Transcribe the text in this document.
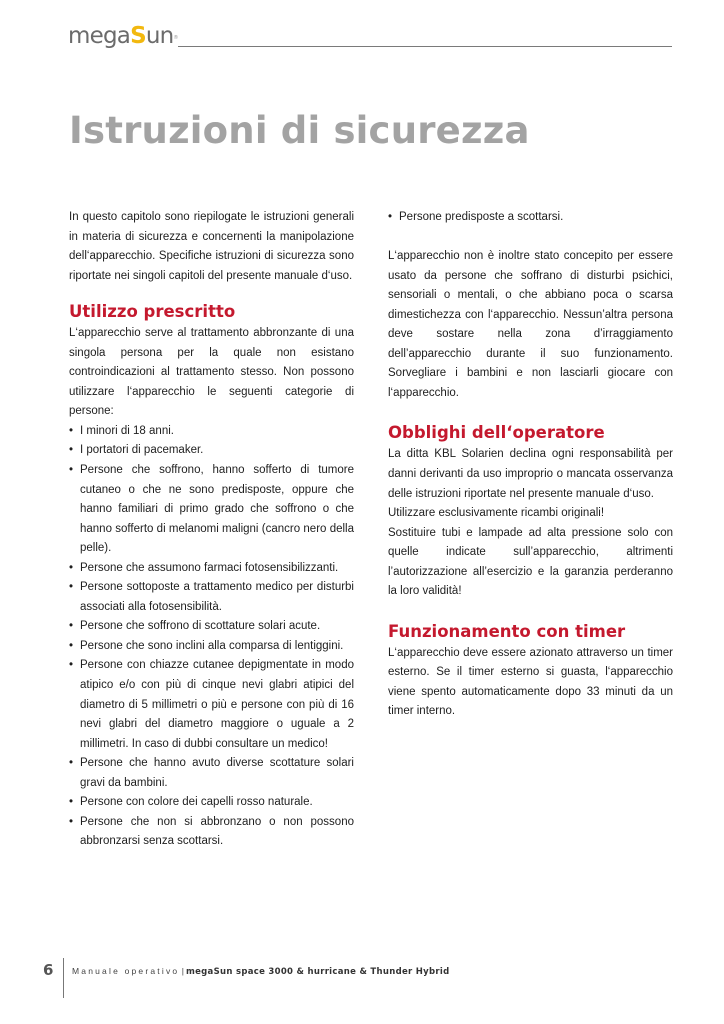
megaSun®
Istruzioni di sicurezza

In questo capitolo sono riepilogate le istruzioni generali in materia di sicurezza e concernenti la manipolazione dell‘apparecchio. Specifiche istruzioni di sicurezza sono riportate nei singoli capitoli del presente manuale d‘uso.

Utilizzo prescritto

L‘apparecchio serve al trattamento abbronzante di una singola persona per la quale non esistano controindicazioni al trattamento stesso. Non possono utilizzare l‘apparecchio le seguenti categorie di persone:

• I minori di 18 anni.
• I portatori di pacemaker.
• Persone che soffrono, hanno sofferto di tumore cutaneo o che ne sono predisposte, oppure che hanno familiari di primo grado che soffrono o che hanno sofferto di melanomi maligni (cancro nero della pelle).
• Persone che assumono farmaci fotosensibilizzanti.
• Persone sottoposte a trattamento medico per disturbi associati alla fotosensibilità.
• Persone che soffrono di scottature solari acute.
• Persone che sono inclini alla comparsa di lentiggini.
• Persone con chiazze cutanee depigmentate in modo atipico e/o con più di cinque nevi glabri atipici del diametro di 5 millimetri o più e persone con più di 16 nevi glabri del diametro maggiore o uguale a 2 millimetri. In caso di dubbi consultare un medico!
• Persone che hanno avuto diverse scottature solari gravi da bambini.
• Persone con colore dei capelli rosso naturale.
• Persone che non si abbronzano o non possono abbronzarsi senza scottarsi.
• Persone predisposte a scottarsi.

L‘apparecchio non è inoltre stato concepito per essere usato da persone che soffrano di disturbi psichici, sensoriali o mentali, o che abbiano poca o scarsa dimestichezza con l‘apparecchio. Nessun’altra persona deve sostare nella zona d’irraggiamento dell’apparecchio durante il suo funzionamento. Sorvegliare i bambini e non lasciarli giocare con l‘apparecchio.

Obblighi dell‘operatore

La ditta KBL Solarien declina ogni responsabilità per danni derivanti da uso improprio o mancata osservanza delle istruzioni riportate nel presente manuale d‘uso.

Utilizzare esclusivamente ricambi originali!

Sostituire tubi e lampade ad alta pressione solo con quelle indicate sull’apparecchio, altrimenti l’autorizzazione all’esercizio e la garanzia perderanno la loro validità!

Funzionamento con timer

L‘apparecchio deve essere azionato attraverso un timer esterno. Se il timer esterno si guasta, l‘apparecchio viene spento automaticamente dopo 33 minuti da un timer interno.

6 Manuale operativo | megaSun space 3000 & hurricane & Thunder Hybrid
